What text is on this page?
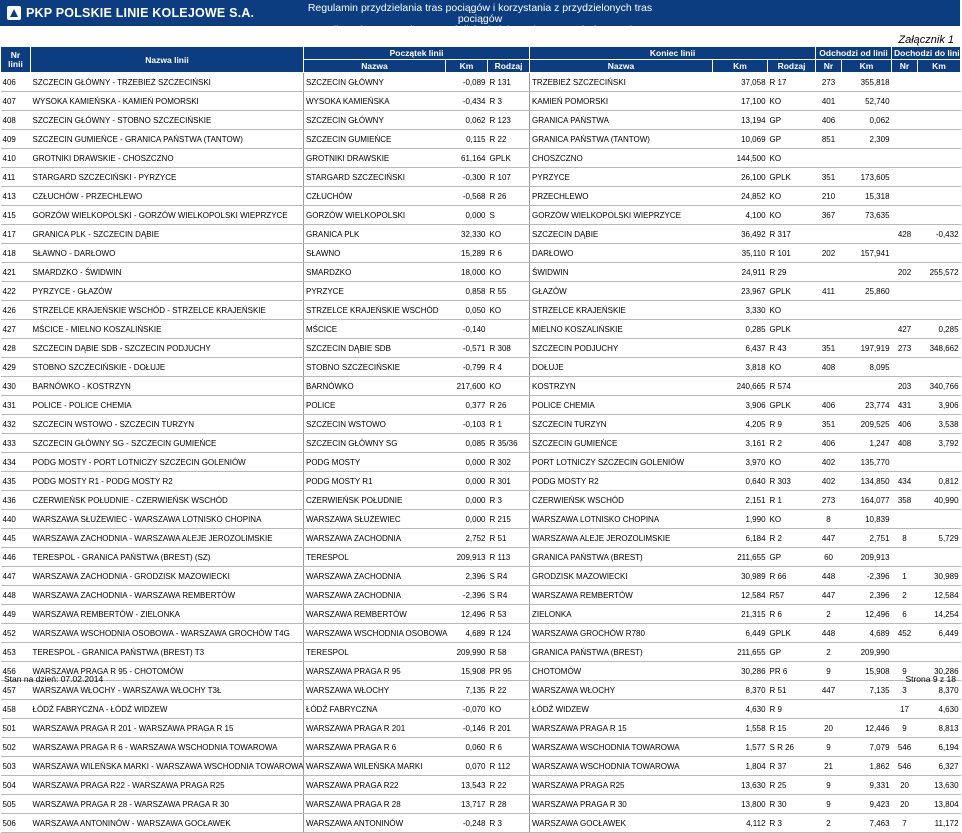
PKP POLSKIE LINIE KOLEJOWE S.A.	Regulamin przydzielania tras pociągów i korzystania z przydzielonych tras pociągów
przez licencjonowanych przewoźników kolejowych w ramach rjp 2013/2014
Załącznik 1
Nr linii	Nazwa linii	Początek linii			Koniec linii			Odchodzi od linii		Dochodzi do linii	
		Nazwa	Km	Rodzaj	Nazwa	Km	Rodzaj	Nr	Km	Nr	Km
406	SZCZECIN GŁÓWNY - TRZEBIEŻ SZCZECIŃSKI	SZCZECIN GŁÓWNY	-0,089	R 131	TRZEBIEŻ SZCZECIŃSKI	37,058	R 17	273	355,818		
407	WYSOKA KAMIEŃSKA - KAMIEŃ POMORSKI	WYSOKA KAMIEŃSKA	-0,434	R 3	KAMIEŃ POMORSKI	17,100	KO	401	52,740		
408	SZCZECIN GŁÓWNY - STOBNO SZCZECIŃSKIE	SZCZECIN GŁÓWNY	0,062	R 123	GRANICA PAŃSTWA	13,194	GP	406	0,062		
409	SZCZECIN GUMIEŃCE - GRANICA PAŃSTWA (TANTOW)	SZCZECIN GUMIEŃCE	0,115	R 22	GRANICA PAŃSTWA (TANTOW)	10,069	GP	851	2,309		
410	GROTNIKI DRAWSKIE - CHOSZCZNO	GROTNIKI DRAWSKIE	61,164	GPLK	CHOSZCZNO	144,500	KO				
411	STARGARD SZCZECIŃSKI - PYRZYCE	STARGARD SZCZECIŃSKI	-0,300	R 107	PYRZYCE	26,100	GPLK	351	173,605		
413	CZŁUCHÓW - PRZECHLEWO	CZŁUCHÓW	-0,568	R 26	PRZECHLEWO	24,852	KO	210	15,318		
415	GORZÓW WIELKOPOLSKI - GORZÓW WIELKOPOLSKI WIEPRZYCE	GORZÓW WIELKOPOLSKI	0,000	S	GORZÓW WIELKOPOLSKI WIEPRZYCE	4,100	KO	367	73,635		
417	GRANICA PLK - SZCZECIN DĄBIE	GRANICA PLK	32,330	KO	SZCZECIN DĄBIE	36,492	R 317			428	-0,432
418	SŁAWNO - DARŁOWO	SŁAWNO	15,289	R 6	DARŁOWO	35,110	R 101	202	157,941		
421	SMARDZKO - ŚWIDWIN	SMARDZKO	18,000	KO	ŚWIDWIN	24,911	R 29			202	255,572
422	PYRZYCE - GŁAZÓW	PYRZYCE	0,858	R 55	GŁAZÓW	23,967	GPLK	411	25,860		
426	STRZELCE KRAJEŃSKIE WSCHÓD - STRZELCE KRAJEŃSKIE	STRZELCE KRAJEŃSKIE WSCHÓD	0,050	KO	STRZELCE KRAJEŃSKIE	3,330	KO				
427	MŚCICE - MIELNO KOSZALIŃSKIE	MŚCICE	-0,140		MIELNO KOSZALIŃSKIE	0,285	GPLK			427	0,285
428	SZCZECIN DĄBIE SDB - SZCZECIN PODJUCHY	SZCZECIN DĄBIE SDB	-0,571	R 308	SZCZECIN PODJUCHY	6,437	R 43	351	197,919	273	348,662
429	STOBNO SZCZECIŃSKIE - DOŁUJE	STOBNO SZCZECIŃSKIE	-0,799	R 4	DOŁUJE	3,818	KO	408	8,095		
430	BARNÓWKO - KOSTRZYN	BARNÓWKO	217,600	KO	KOSTRZYN	240,665	R 574			203	340,766
431	POLICE - POLICE CHEMIA	POLICE	0,377	R 26	POLICE CHEMIA	3,906	GPLK	406	23,774	431	3,906
432	SZCZECIN WSTOWO - SZCZECIN TURZYN	SZCZECIN WSTOWO	-0,103	R 1	SZCZECIN TURZYN	4,205	R 9	351	209,525	406	3,538
433	SZCZECIN GŁÓWNY SG - SZCZECIN GUMIEŃCE	SZCZECIN GŁÓWNY SG	0,085	R 35/36	SZCZECIN GUMIEŃCE	3,161	R 2	406	1,247	408	3,792
434	PODG MOSTY - PORT LOTNICZY SZCZECIN GOLENIÓW	PODG MOSTY	0,000	R 302	PORT LOTNICZY SZCZECIN GOLENIÓW	3,970	KO	402	135,770		
435	PODG MOSTY R1 - PODG MOSTY R2	PODG MOSTY R1	0,000	R 301	PODG MOSTY R2	0,640	R 303	402	134,850	434	0,812
436	CZERWIEŃSK POŁUDNIE - CZERWIEŃSK WSCHÓD	CZERWIEŃSK POŁUDNIE	0,000	R 3	CZERWIEŃSK WSCHÓD	2,151	R 1	273	164,077	358	40,990
440	WARSZAWA SŁUŻEWIEC - WARSZAWA LOTNISKO CHOPINA	WARSZAWA SŁUŻEWIEC	0,000	R 215	WARSZAWA LOTNISKO CHOPINA	1,990	KO	8	10,839		
445	WARSZAWA ZACHODNIA - WARSZAWA ALEJE JEROZOLIMSKIE	WARSZAWA ZACHODNIA	2,752	R 51	WARSZAWA ALEJE JEROZOLIMSKIE	6,184	R 2	447	2,751	8	5,729
446	TERESPOL - GRANICA PAŃSTWA (BREST) (SZ)	TERESPOL	209,913	R 113	GRANICA PAŃSTWA (BREST)	211,655	GP	60	209,913		
447	WARSZAWA ZACHODNIA - GRODZISK MAZOWIECKI	WARSZAWA ZACHODNIA	2,396	S R4	GRODZISK MAZOWIECKI	30,989	R 66	448	-2,396	1	30,989
448	WARSZAWA ZACHODNIA - WARSZAWA REMBERTÓW	WARSZAWA ZACHODNIA	-2,396	S R4	WARSZAWA REMBERTÓW	12,584	R57	447	2,396	2	12,584
449	WARSZAWA REMBERTÓW - ZIELONKA	WARSZAWA REMBERTÓW	12,496	R 53	ZIELONKA	21,315	R 6	2	12,496	6	14,254
452	WARSZAWA WSCHODNIA OSOBOWA - WARSZAWA GROCHÓW T4G	WARSZAWA WSCHODNIA OSOBOWA	4,689	R 124	WARSZAWA GROCHÓW R780	6,449	GPLK	448	4,689	452	6,449
453	TERESPOL - GRANICA PAŃSTWA (BREST) T3	TERESPOL	209,990	R 58	GRANICA PAŃSTWA (BREST)	211,655	GP	2	209,990		
456	WARSZAWA PRAGA R 95 - CHOTOMÓW	WARSZAWA PRAGA R 95	15,908	PR 95	CHOTOMÓW	30,286	PR 6	9	15,908	9	30,286
457	WARSZAWA WŁOCHY - WARSZAWA WŁOCHY T3Ł	WARSZAWA WŁOCHY	7,135	R 22	WARSZAWA WŁOCHY	8,370	R 51	447	7,135	3	8,370
458	ŁÓDŹ FABRYCZNA - ŁÓDŹ WIDZEW	ŁÓDŹ FABRYCZNA	-0,070	KO	ŁÓDŹ WIDZEW	4,630	R 9			17	4,630
501	WARSZAWA PRAGA R 201 - WARSZAWA PRAGA R 15	WARSZAWA PRAGA R 201	-0,146	R 201	WARSZAWA PRAGA R 15	1,558	R 15	20	12,446	9	8,813
502	WARSZAWA PRAGA R 6 - WARSZAWA WSCHODNIA TOWAROWA	WARSZAWA PRAGA R 6	0,060	R 6	WARSZAWA WSCHODNIA TOWAROWA	1,577	S R 26	9	7,079	546	6,194
503	WARSZAWA WILEŃSKA MARKI - WARSZAWA WSCHODNIA TOWAROWA	WARSZAWA WILEŃSKA MARKI	0,070	R 112	WARSZAWA WSCHODNIA TOWAROWA	1,804	R 37	21	1,862	546	6,327
504	WARSZAWA PRAGA R22 - WARSZAWA PRAGA R25	WARSZAWA PRAGA R22	13,543	R 22	WARSZAWA PRAGA R25	13,630	R 25	9	9,331	20	13,630
505	WARSZAWA PRAGA R 28 - WARSZAWA PRAGA R 30	WARSZAWA PRAGA R 28	13,717	R 28	WARSZAWA PRAGA R 30	13,800	R 30	9	9,423	20	13,804
506	WARSZAWA ANTONINÓW - WARSZAWA GOCŁAWEK	WARSZAWA ANTONINÓW	-0,248	R 3	WARSZAWA GOCŁAWEK	4,112	R 3	2	7,463	7	11,172
Stan na dzień: 07.02.2014	Strona 9 z 18
